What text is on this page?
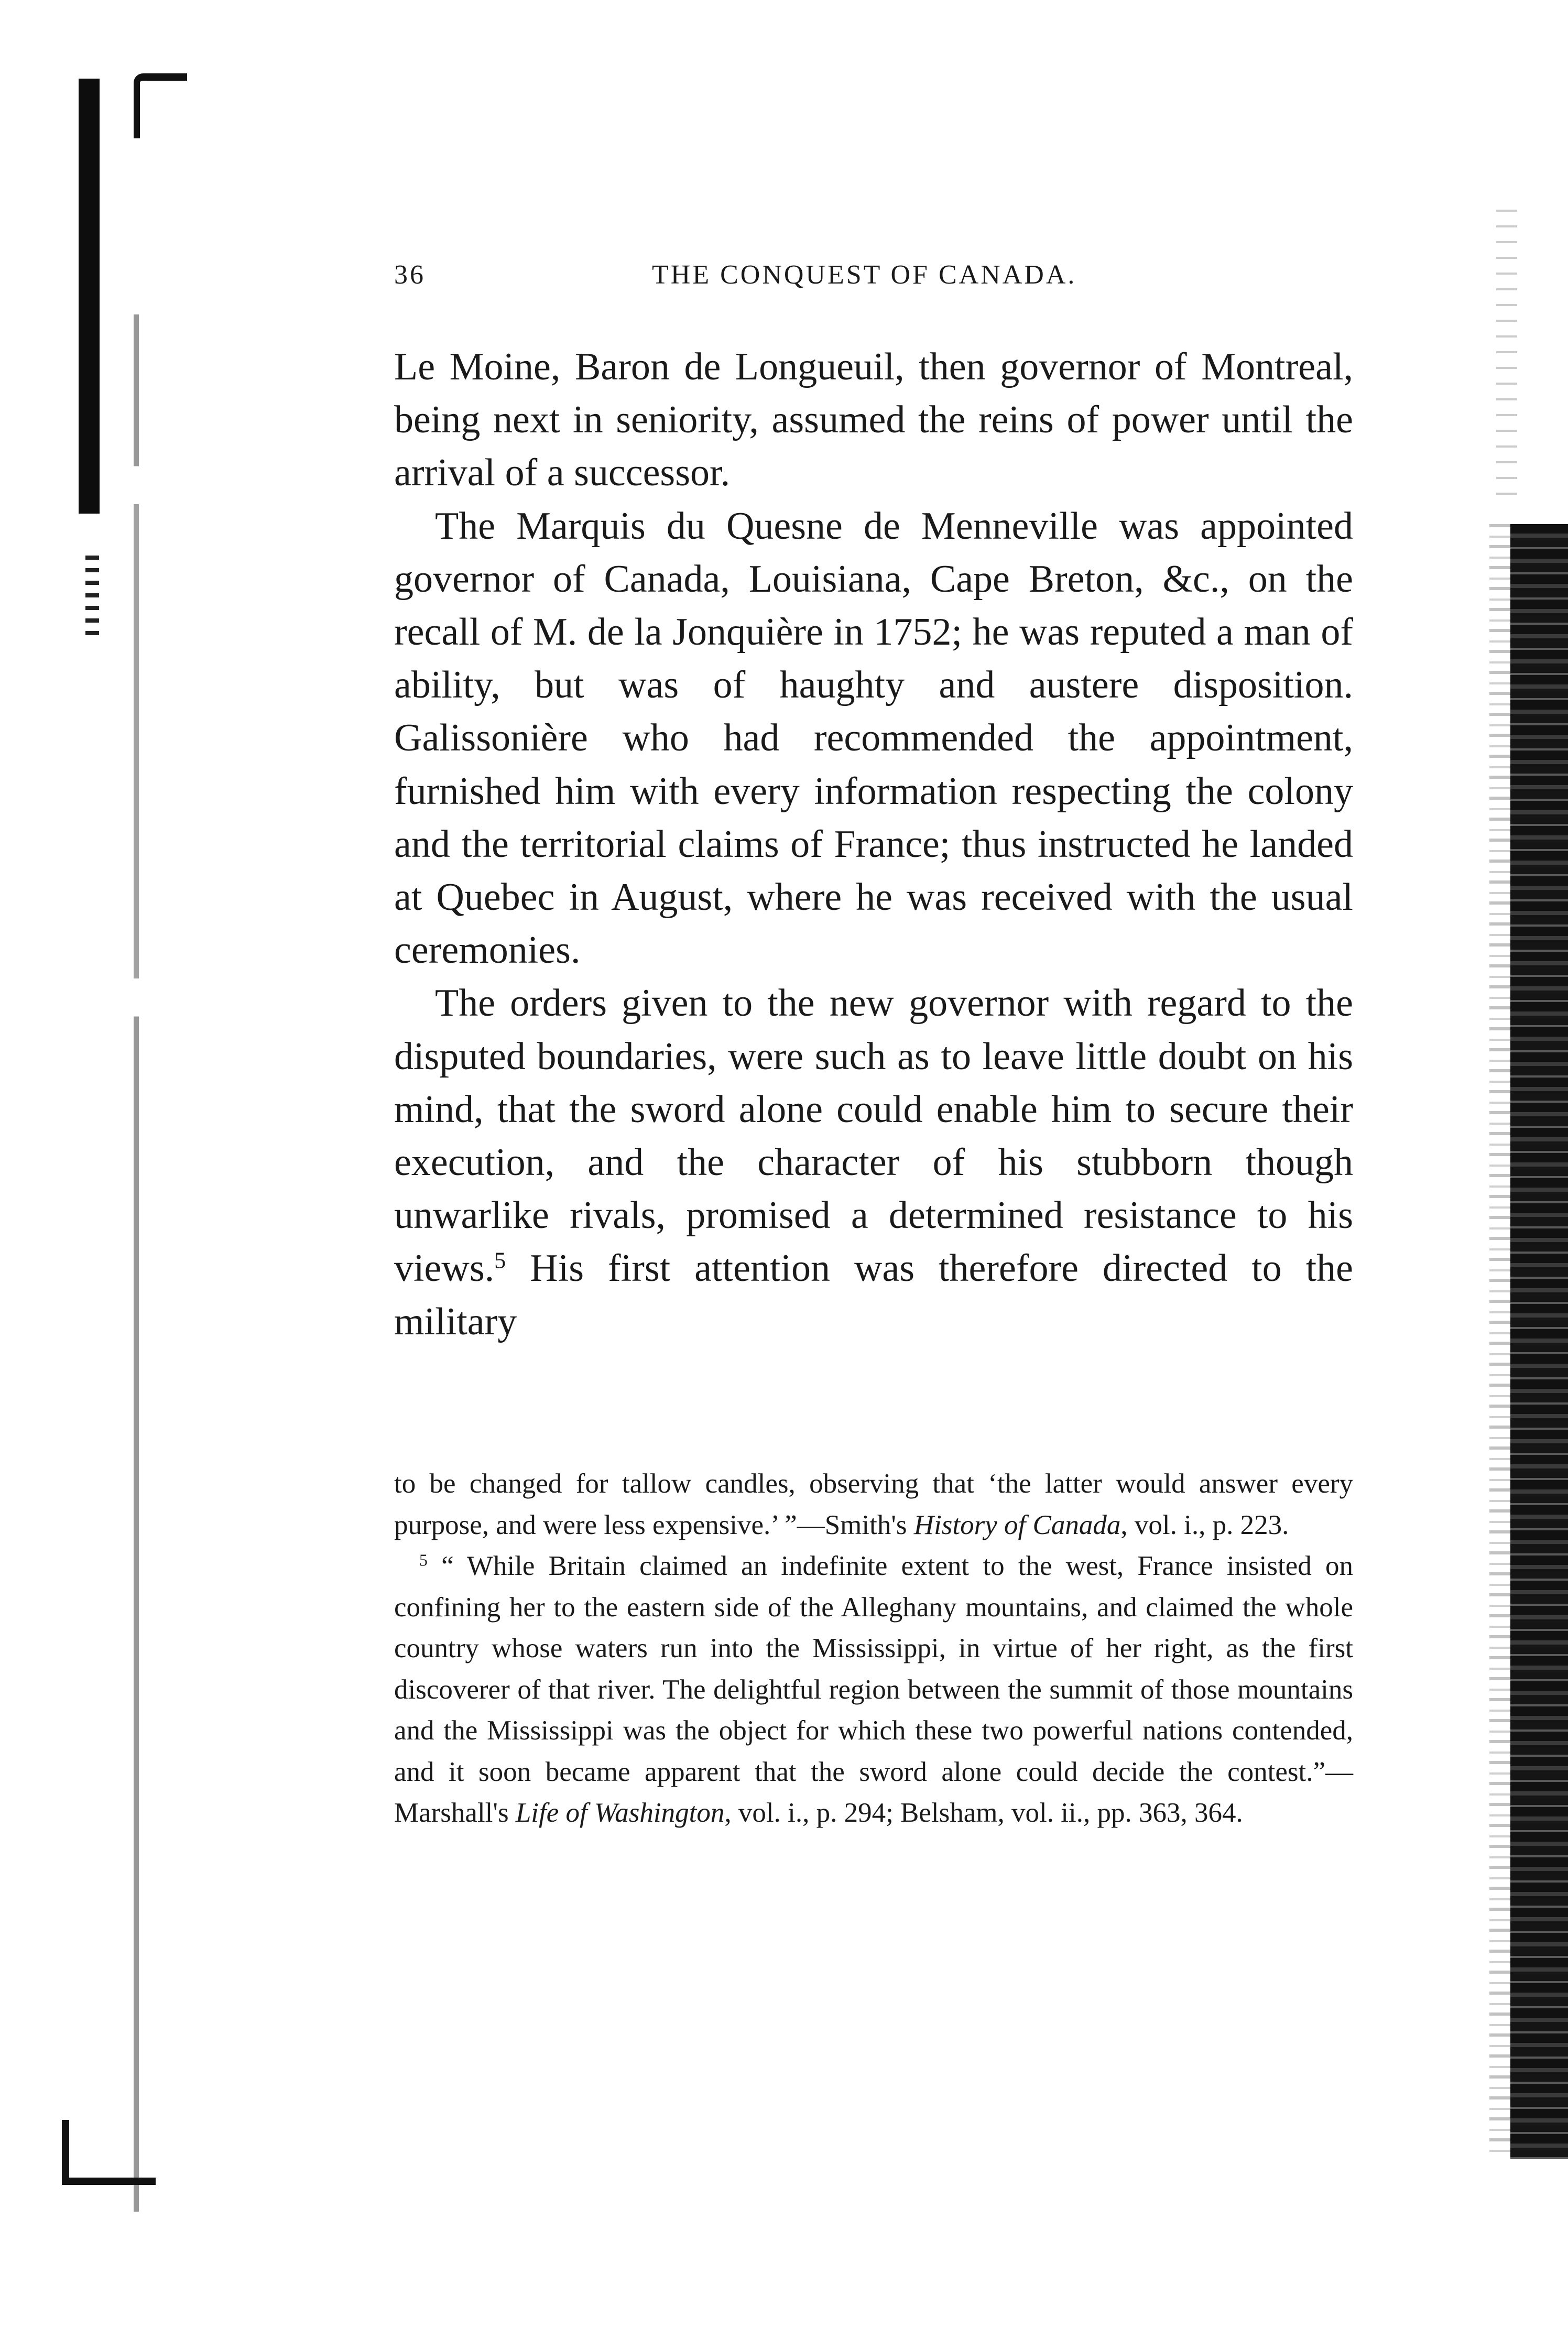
36	THE CONQUEST OF CANADA.

Le Moine, Baron de Longueuil, then governor of Montreal, being next in seniority, assumed the reins of power until the arrival of a successor.

The Marquis du Quesne de Menneville was appointed governor of Canada, Louisiana, Cape Breton, &c., on the recall of M. de la Jonquière in 1752; he was reputed a man of ability, but was of haughty and austere disposition. Galissonière who had recommended the appointment, furnished him with every information respecting the colony and the territorial claims of France; thus instructed he landed at Quebec in August, where he was received with the usual ceremonies.

The orders given to the new governor with regard to the disputed boundaries, were such as to leave little doubt on his mind, that the sword alone could enable him to secure their execution, and the character of his stubborn though unwarlike rivals, promised a determined resistance to his views.$^5$ His first attention was therefore directed to the military

to be changed for tallow candles, observing that ‘the latter would answer every purpose, and were less expensive.’ ”—Smith's History of Canada, vol. i., p. 223.

$^5$ “ While Britain claimed an indefinite extent to the west, France insisted on confining her to the eastern side of the Alleghany mountains, and claimed the whole country whose waters run into the Mississippi, in virtue of her right, as the first discoverer of that river. The delightful region between the summit of those mountains and the Mississippi was the object for which these two powerful nations contended, and it soon became apparent that the sword alone could decide the contest.”—Marshall's Life of Washington, vol. i., p. 294; Belsham, vol. ii., pp. 363, 364.
